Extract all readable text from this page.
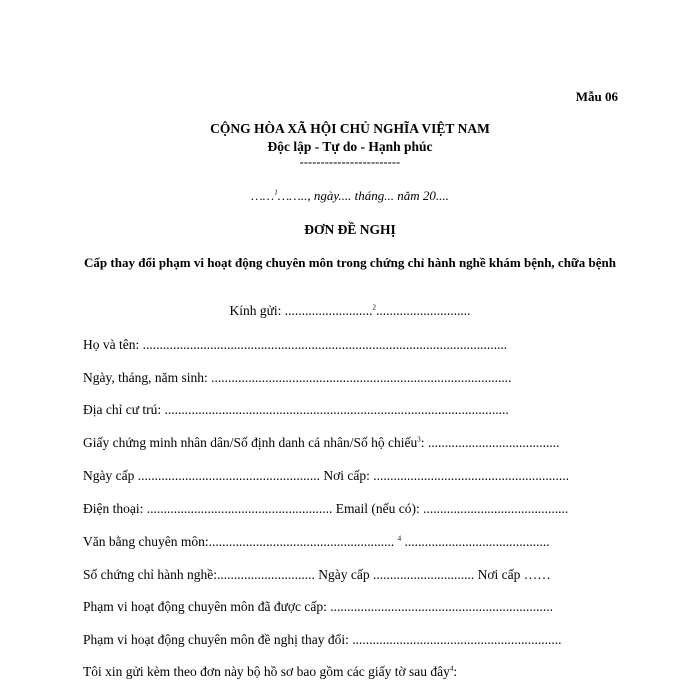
Mẫu 06
CỘNG HÒA XÃ HỘI CHỦ NGHĨA VIỆT NAM
Độc lập - Tự do - Hạnh phúc
------------------------
……$^1$…….., ngày.... tháng... năm 20....
ĐƠN ĐỀ NGHỊ
Cấp thay đổi phạm vi hoạt động chuyên môn trong chứng chỉ hành nghề khám bệnh, chữa bệnh
Kính gửi: ..........................$^2$............................
Họ và tên: ............................................................................................................
Ngày, tháng, năm sinh: .........................................................................................
Địa chỉ cư trú: ......................................................................................................
Giấy chứng minh nhân dân/Số định danh cá nhân/Số hộ chiếu$^3$: .......................................
Ngày cấp ...................................................... Nơi cấp: ..........................................................
Điện thoại: ....................................................... Email (nếu có): ...........................................
Văn bằng chuyên môn:....................................................... $^4$ ...........................................
Số chứng chỉ hành nghề:............................. Ngày cấp .............................. Nơi cấp ……
Phạm vi hoạt động chuyên môn đã được cấp: ..................................................................
Phạm vi hoạt động chuyên môn đề nghị thay đổi: ..............................................................
Tôi xin gửi kèm theo đơn này bộ hồ sơ bao gồm các giấy tờ sau đây$^4$:
